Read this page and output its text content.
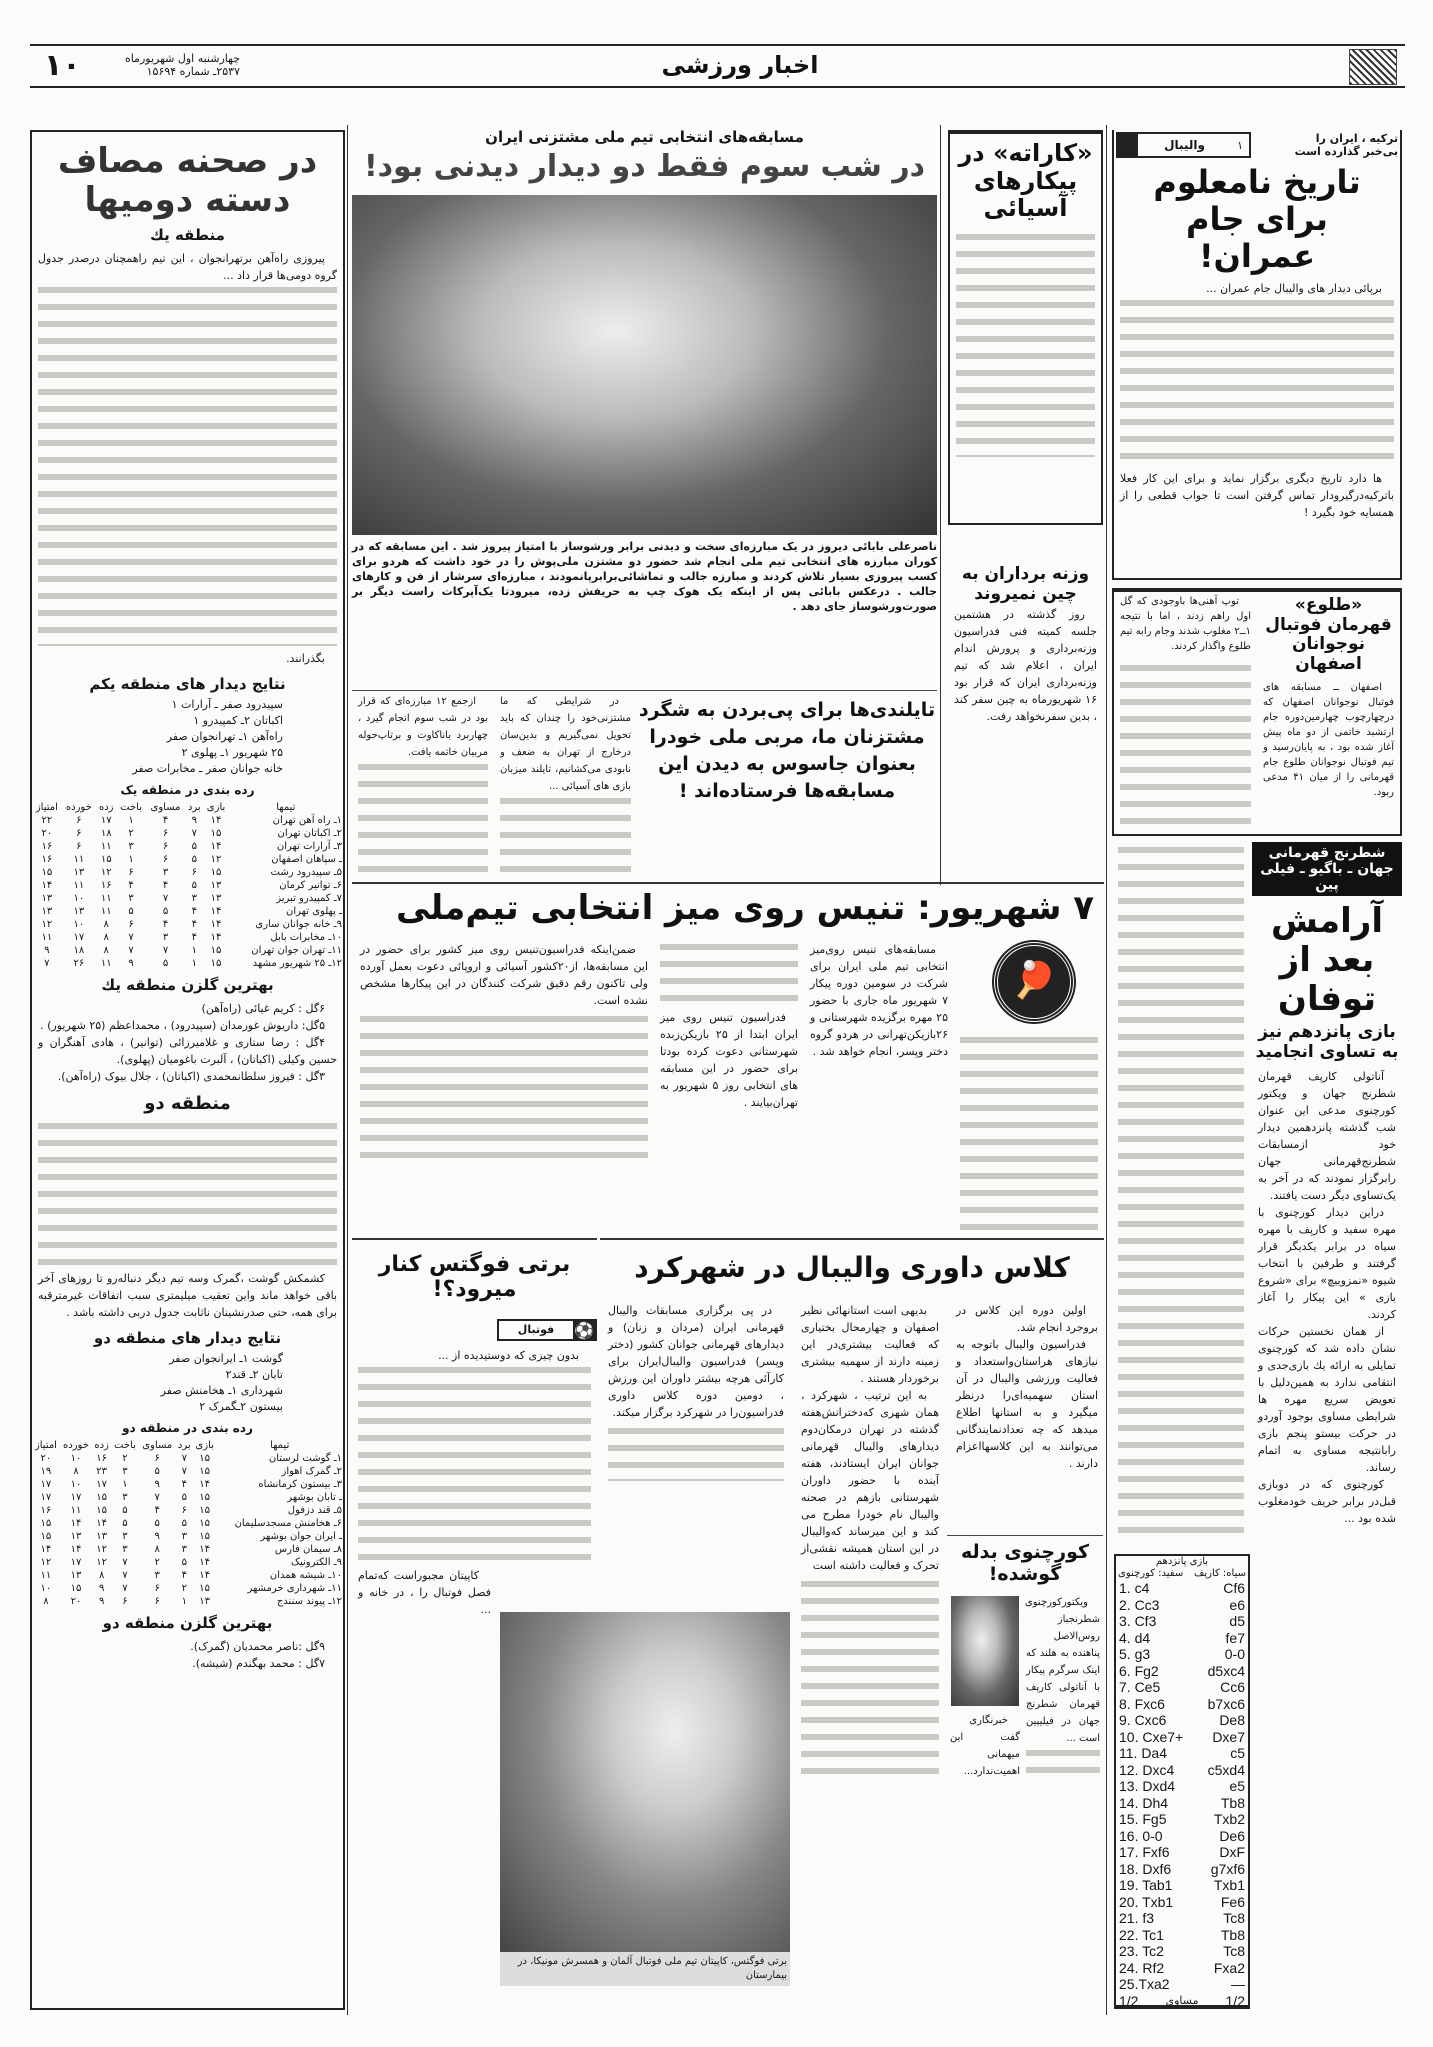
اخبار ورزشی
۱۰	چهارشنبه اول شهریورماه
۲۵۳۷ـ شماره ۱۵۶۹۴
در صحنه مصاف دسته دومیها
منطقه یك

پیروزی راه‌آهن برتهرانجوان ، این تیم راهمچنان درصدر جدول گروه دومی‌ها قرار داد ...

بگذرانند.

نتایج دیدار های منطقه یکم
سپیدرود صفر ـ آرارات ۱
اکباتان ۲ـ کمپیدرو ۱
راه‌آهن ۱ـ تهرانجوان صفر
۲۵ شهریور ۱ـ پهلوی ۲
خانه جوانان صفر ـ مخابرات صفر
رده بندی در منطقه یک
تیمها	بازی	برد	مساوی	باخت	زده	خورده	امتیاز
۱ـ راه آهن تهران	۱۴	۹	۴	۱	۱۷	۶	۲۲
۲ـ اکباتان تهران	۱۵	۷	۶	۲	۱۸	۶	۲۰
۳ـ آرارات تهران	۱۴	۵	۶	۳	۱۱	۶	۱۶
ـ سپاهان اصفهان	۱۲	۵	۶	۱	۱۵	۱۱	۱۶
۵ـ سپیدرود رشت	۱۵	۶	۳	۶	۱۲	۱۳	۱۵
۶ـ توانیر کرمان	۱۳	۵	۴	۴	۱۶	۱۱	۱۴
۷ـ کمپیدرو تبریز	۱۳	۳	۷	۳	۱۱	۱۰	۱۳
ـ پهلوی تهران	۱۴	۴	۵	۵	۱۱	۱۳	۱۳
۹ـ خانه جوانان ساری	۱۴	۴	۴	۶	۸	۱۰	۱۲
۱۰ـ مخابرات بابل	۱۴	۴	۳	۷	۸	۱۷	۱۱
۱۱ـ تهران جوان تهران	۱۵	۱	۷	۷	۸	۱۸	۹
۱۲ـ ۲۵ شهریور مشهد	۱۵	۱	۵	۹	۱۱	۲۶	۷
بهترین گلزن منطقه یك

۶گل : کریم غیائی (راه‌آهن)

۵گل: داریوش غورمدان (سپیدرود) ، محمداعظم (۲۵ شهریور) .

۴گل : رضا ستاری و غلامیرزائی (توانیر) ، هادی آهنگران و حسین وکیلی (اکباتان) ، آلبرت باغومیان (پهلوی).

۳گل : فیروز سلطانمحمدی (اکباتان) ، جلال بیوک (راه‌آهن).

منطقه دو

کشمکش گوشت ،گمرک وسه تیم دیگر دنباله‌رو تا روزهای آخر باقی خواهد ماند واین تعقیب میلیمتری سبب اتفاقات غیرمترقبه برای همه، حتی صدرنشینان ناثابت جدول دربی داشته باشد .

نتایج دیدار های منطقه دو
گوشت ۱ـ ایرانجوان صفر
تابان ۲ـ قند۲
شهرداری ۱ـ هخامنش صفر
بیستون ۲ـگمرک ۲
رده بندی در منطقه دو
تیمها	بازی	برد	مساوی	باخت	زده	خورده	امتیاز
۱ـ گوشت لرستان	۱۵	۷	۶	۲	۱۶	۱۰	۲۰
۲ـ گمرک اهواز	۱۵	۷	۵	۳	۲۳	۸	۱۹
۳ـ بیستون کرمانشاه	۱۴	۴	۹	۱	۱۷	۱۰	۱۷
ـ تابان بوشهر	۱۵	۵	۷	۳	۱۵	۱۷	۱۷
۵ـ قند دزفول	۱۵	۶	۴	۵	۱۵	۱۱	۱۶
۶ـ هخامنش مسجدسلیمان	۱۵	۵	۵	۵	۱۴	۱۴	۱۵
ـ ایران جوان بوشهر	۱۵	۳	۹	۳	۱۳	۱۳	۱۵
۸ـ سیمان فارس	۱۴	۳	۸	۳	۱۲	۱۴	۱۴
۹ـ الکترونیک	۱۴	۵	۲	۷	۱۲	۱۷	۱۲
۱۰ـ شیشه همدان	۱۴	۴	۳	۷	۸	۱۳	۱۱
۱۱ـ شهرداری خرمشهر	۱۵	۲	۶	۷	۹	۱۵	۱۰
۱۲ـ پیوند سنندج	۱۳	۱	۶	۶	۹	۲۰	۸
بهترین گلزن منطقه دو

۹گل :ناصر محمدیان (گمرک).

۷گل : محمد بهگندم (شیشه).

مسابقه‌های انتخابی تیم ملی مشتزنی ایران
در شب سوم فقط دو دیدار دیدنی بود!
ناصرعلی بابائی دیروز در یک مبارزه‌ای سخت و دیدنی برابر ورشوساز با امتیاز پیروز شد . این مسابقه که در کوران مبارزه های انتخابی تیم ملی انجام شد حضور دو مشتزن ملی‌پوش را در خود داشت که هردو برای کسب پیروزی بسیار تلاش کردند و مبارزه جالب و تماشائی‌برابرپانمودند ، مبارزه‌ای سرشار از فن و کارهای جالب . درعکس بابائی پس از اینکه یک هوک چپ به حریفش زده، میرودتا یک‌آپرکات راست دیگر بر صورت‌ورشوساز جای دهد .
«کاراته» در پیکارهای آسیائی
وزنه برداران به چین نمیروند

روز گذشته در هشتمین جلسه کمیته فنی فدراسیون وزنه‌برداری و پرورش اندام ایران ، اعلام شد که تیم وزنه‌برداری ایران که قرار بود ۱۶ شهریورماه به چین سفر کند ، بدین سفرنخواهد رفت.

ترکیه ، ایران را بی‌خبر گذارده است
۱
والیبال
تاریخ نامعلوم برای جام عمران!

برپائی دیدار های والیبال جام عمران ...

ها دارد تاریخ دیگری برگزار نماید و برای این کار فعلا باترکیه‌درگیرودار تماس گرفتن است تا جواب قطعی را از همسایه خود بگیرد !

«طلوع» قهرمان فوتبال نوجوانان اصفهان

اصفهان ــ مسابقه های فوتبال نوجوانان اصفهان که درچهارچوب چهارمین‌دوره جام ارتشبد خاتمی از دو ماه پیش آغاز شده بود ، به پایان‌رسید و تیم فوتبال نوجوانان طلوع جام قهرمانی را از میان ۴۱ مدعی ربود.

توپ آهنی‌ها باوجودی که گل اول راهم زدند ، اما با نتیجه ۱ــ۲ مغلوب شدند وجام رابه تیم طلوع واگذار کردند.

تایلندی‌ها برای پی‌بردن به شگرد مشتزنان ما، مربی ملی خودرا بعنوان جاسوس به دیدن این مسابقه‌ها فرستاده‌اند !

در شرایطی که ما مشتزنی‌خود را چندان که باید تحویل نمی‌گیریم و بدین‌سان درخارج از تهران به ضعف و نابودی می‌کشانیم، تایلند میزبان بازی های آسیائی ...

ازجمع ۱۲ مبارزه‌ای که قرار بود در شب سوم انجام گیرد ، چهاربرد باناکاوت و برتاپ‌حوله مربیان خاتمه یافت.

۷ شهریور: تنیس روی میز انتخابی تیم‌ملی
🏓

مسابقه‌های تنیس روی‌میز انتخابی تیم ملی ایران برای شرکت در سومین دوره پیکار ۷ شهریور ماه جاری با حضور ۲۵ مهره برگزیده شهرستانی و ۲۶بازیکن‌تهرانی در هردو گروه دختر وپسر، انجام خواهد شد .

فدراسیون تنیس روی میز ایران ابتدا از ۲۵ بازیکن‌زبده شهرستانی دعوت کرده بودتا برای حضور در این مسابقه های انتخابی روز ۵ شهریور به تهران‌بیایند .

ضمن‌اینکه فدراسیون‌تنیس روی میز کشور برای حضور در این مسابقه‌ها، از۲۰کشور آسیائی و اروپائی دعوت بعمل آورده ولی تاکنون رقم دقیق شرکت کنندگان در این پیکارها مشخص نشده است.

شطرنج قهرمانی جهان ـ باگیو ـ فیلی پین
آرامش بعد از توفان
بازی پانزدهم نیز به تساوی انجامید

آناتولی کارپف قهرمان شطرنج جهان و ویکتور کورچنوی مدعی این عنوان شب گذشته پانزدهمین دیدار خود ازمسابقات شطرنج‌قهرمانی جهان رابرگزار نمودند که در آخر به یک‌تساوی دیگر دست یافتند.

دراین دیدار کورچنوی با مهره سفید و کارپف با مهره سیاه در برابر یکدیگر قرار گرفتند و طرفین با انتخاب شیوه «نمزوییچ» برای «شروع بازی » این پیکار را آغاز کردند.

از همان نخستین حرکات نشان داده شد که کورچنوی تمایلی به ارائه یك بازی‌جدی و انتقامی ندارد به همین‌دلیل با تعویض سریع مهره ها شرایطی مساوی بوجود آوردو در حرکت بیستو پنجم بازی رابانتیجه مساوی به اتمام رساند.

کورچنوی که در دوبازی قبل‌در برابر حریف خودمغلوب شده بود ...

بازی پانزدهم
سیاه: کارپف
سفید: کورچنوی
1. c4	Cf6
2. Cc3	e6
3. Cf3	d5
4. d4	fe7
5. g3	0-0
6. Fg2	d5xc4
7. Ce5	Cc6
8. Fxc6	b7xc6
9. Cxc6	De8
10. Cxe7+ Dxe7
11. Da4	c5
12. Dxc4 c5xd4
13. Dxd4	e5
14. Dh4	Tb8
15. Fg5	Txb2
16. 0-0	De6
17. Fxf6	DxF
18. Dxf6	g7xf6
19. Tab1	Txb1
20. Txb1	Fe6
21. f3	Tc8
22. Tc1	Tb8
23. Tc2	Tc8
24. Rf2	Fxa2
25.Txa2	—
1/2 مساوی 1/2
کلاس داوری والیبال در شهرکرد

اولین دوره این کلاس در بروجرد انجام شد.

فدراسیون والیبال باتوجه به نیازهای هراستان‌واستعداد و فعالیت ورزشی والیبال در آن استان سهمیه‌ای‌را درنظر میگیرد و به استانها اطلاع میدهد که چه تعدادنمایندگانی می‌توانند به این کلاسهااعزام دارند .

بدیهی است استانهائی نظیر اصفهان و چهارمحال بختیاری که فعالیت بیشتری‌در این زمینه دارند از سهمیه بیشتری برخوردار هستند .

به این ترتیب ، شهرکرد ، همان شهری که‌دخترانش‌هفته گذشته در تهران درمکان‌دوم دیدارهای والیبال قهرمانی جوانان ایران ایستادند، هفته آینده با حضور داوران شهرستانی بازهم در صحنه والیبال نام خودرا مطرح می کند و این میرساند که‌والیبال در این استان همیشه نقشی‌از تحرک و فعالیت داشته است

در پی برگزاری مسابقات والیبال قهرمانی ایران (مردان و زنان) و دیدارهای قهرمانی جوانان کشور (دختر وپسر) فدراسیون والیبال‌ایران برای کارآئی هرچه بیشتر داوران این ورزش ، دومین دوره کلاس داوری فدراسیون‌را در شهرکرد برگزار میکند.

کورچنوی بدله گوشده!

ویکتورکورچنوی شطرنجباز روس‌الاصل پناهنده به هلند که اینک سرگرم پیکار با آناتولی کارپف قهرمان شطرنج جهان در فیلیپین است ...

خبرنگاری گفت این میهمانی اهمیت‌ندارد...

برتی فوگتس کنار میرود؟!
⚽
فوتبال

بدون چیزی که دوستیدیده از ...

کاپیتان مجبوراست که‌تمام فصل فوتبال را ، در خانه و ...

برتی فوگتس، کاپیتان تیم ملی فوتبال آلمان و همسرش مونیکا، در بیمارستان
